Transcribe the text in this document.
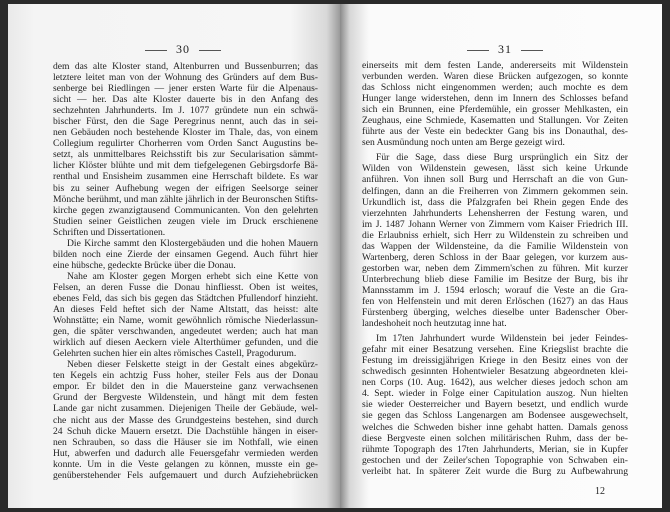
30
dem das alte Kloster stand, Altenburren und Bussenburren; das
letztere leitet man von der Wohnung des Gründers auf dem Bus-
senberge bei Riedlingen — jener ersten Warte für die Alpenaus-
sicht — her. Das alte Kloster dauerte bis in den Anfang des
sechzehnten Jahrhunderts. Im J. 1077 gründete nun ein schwä-
bischer Fürst, den die Sage Peregrinus nennt, auch das in sei-
nen Gebäuden noch bestehende Kloster im Thale, das, von einem
Collegium regulirter Chorherren vom Orden Sanct Augustins be-
setzt, als unmittelbares Reichsstift bis zur Secularisation sämmt-
licher Klöster blühte und mit dem tiefgelegenen Gebirgsdorfe Bä-
renthal und Ensisheim zusammen eine Herrschaft bildete. Es war
bis zu seiner Aufhebung wegen der eifrigen Seelsorge seiner
Mönche berühmt, und man zählte jährlich in der Beuronschen Stifts-
kirche gegen zwanzigtausend Communicanten. Von den gelehrten
Studien seiner Geistlichen zeugen viele im Druck erschienene
Schriften und Dissertationen.
Die Kirche sammt den Klostergebäuden und die hohen Mauern
bilden noch eine Zierde der einsamen Gegend. Auch führt hier
eine hübsche, gedeckte Brücke über die Donau.
Nahe am Kloster gegen Morgen erhebt sich eine Kette von
Felsen, an deren Fusse die Donau hinfliesst. Oben ist weites,
ebenes Feld, das sich bis gegen das Städtchen Pfullendorf hinzieht.
An dieses Feld heftet sich der Name Altstatt, das heisst: alte
Wohnstätte; ein Name, womit gewöhnlich römische Niederlassun-
gen, die später verschwanden, angedeutet werden; auch hat man
wirklich auf diesen Aeckern viele Alterthümer gefunden, und die
Gelehrten suchen hier ein altes römisches Castell, Pragodurum.
Neben dieser Felskette steigt in der Gestalt eines abgekürz-
ten Kegels ein achtzig Fuss hoher, steiler Fels aus der Donau
empor. Er bildet den in die Mauersteine ganz verwachsenen
Grund der Bergveste Wildenstein, und hängt mit dem festen
Lande gar nicht zusammen. Diejenigen Theile der Gebäude, wel-
che nicht aus der Masse des Grundgesteins bestehen, sind durch
24 Schuh dicke Mauern ersetzt. Die Dachstühle hängen in eiser-
nen Schrauben, so dass die Häuser sie im Nothfall, wie einen
Hut, abwerfen und dadurch alle Feuersgefahr vermieden werden
konnte. Um in die Veste gelangen zu können, musste ein ge-
genüberstehender Fels aufgemauert und durch Aufziehebrücken
31
einerseits mit dem festen Lande, andererseits mit Wildenstein
verbunden werden. Waren diese Brücken aufgezogen, so konnte
das Schloss nicht eingenommen werden; auch mochte es dem
Hunger lange widerstehen, denn im Innern des Schlosses befand
sich ein Brunnen, eine Pferdemühle, ein grosser Mehlkasten, ein
Zeughaus, eine Schmiede, Kasematten und Stallungen. Vor Zeiten
führte aus der Veste ein bedeckter Gang bis ins Donauthal, des-
sen Ausmündung noch unten am Berge gezeigt wird.
Für die Sage, dass diese Burg ursprünglich ein Sitz der
Wilden von Wildenstein gewesen, lässt sich keine Urkunde
anführen. Von ihnen soll Burg und Herrschaft an die von Gun-
delfingen, dann an die Freiherren von Zimmern gekommen sein.
Urkundlich ist, dass die Pfalzgrafen bei Rhein gegen Ende des
vierzehnten Jahrhunderts Lehensherren der Festung waren, und
im J. 1487 Johann Werner von Zimmern vom Kaiser Friedrich III.
die Erlaubniss erhielt, sich Herr zu Wildenstein zu schreiben und
das Wappen der Wildensteine, da die Familie Wildenstein von
Wartenberg, deren Schloss in der Baar gelegen, vor kurzem aus-
gestorben war, neben dem Zimmern'schen zu führen. Mit kurzer
Unterbrechung blieb diese Familie im Besitze der Burg, bis ihr
Mannsstamm im J. 1594 erlosch; worauf die Veste an die Gra-
fen von Helfenstein und mit deren Erlöschen (1627) an das Haus
Fürstenberg überging, welches dieselbe unter Badenscher Ober-
landeshoheit noch heutzutag inne hat.
Im 17ten Jahrhundert wurde Wildenstein bei jeder Feindes-
gefahr mit einer Besatzung versehen. Eine Kriegslist brachte die
Festung im dreissigjährigen Kriege in den Besitz eines von der
schwedisch gesinnten Hohentwieler Besatzung abgeordneten klei-
nen Corps (10. Aug. 1642), aus welcher dieses jedoch schon am
4. Sept. wieder in Folge einer Capitulation auszog. Nun hielten
sie wieder Oesterreicher und Bayern besetzt, und endlich wurde
sie gegen das Schloss Langenargen am Bodensee ausgewechselt,
welches die Schweden bisher inne gehabt hatten. Damals genoss
diese Bergveste einen solchen militärischen Ruhm, dass der be-
rühmte Topograph des 17ten Jahrhunderts, Merian, sie in Kupfer
gestochen und der Zeiler'schen Topographie von Schwaben ein-
verleibt hat. In späterer Zeit wurde die Burg zu Aufbewahrung
12
